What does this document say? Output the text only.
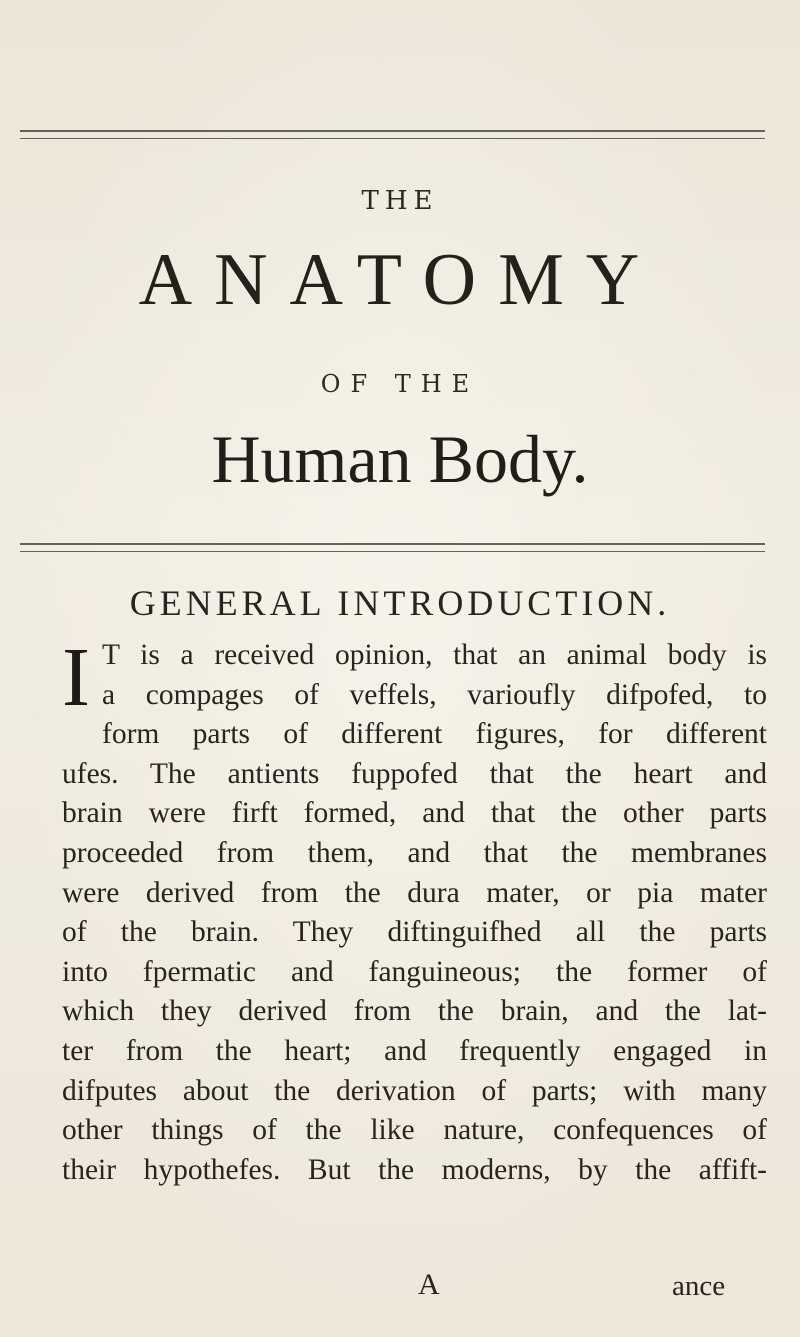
THE
ANATOMY
OF THE
Human Body.
GENERAL INTRODUCTION.
I T is a received opinion, that an animal body is
a compages of veffels, varioufly difpofed, to
form parts of different figures, for different
ufes. The antients fuppofed that the heart and
brain were firft formed, and that the other parts
proceeded from them, and that the membranes
were derived from the dura mater, or pia mater
of the brain. They diftinguifhed all the parts
into fpermatic and fanguineous; the former of
which they derived from the brain, and the lat-
ter from the heart; and frequently engaged in
difputes about the derivation of parts; with many
other things of the like nature, confequences of
their hypothefes. But the moderns, by the affift-
A	ance
